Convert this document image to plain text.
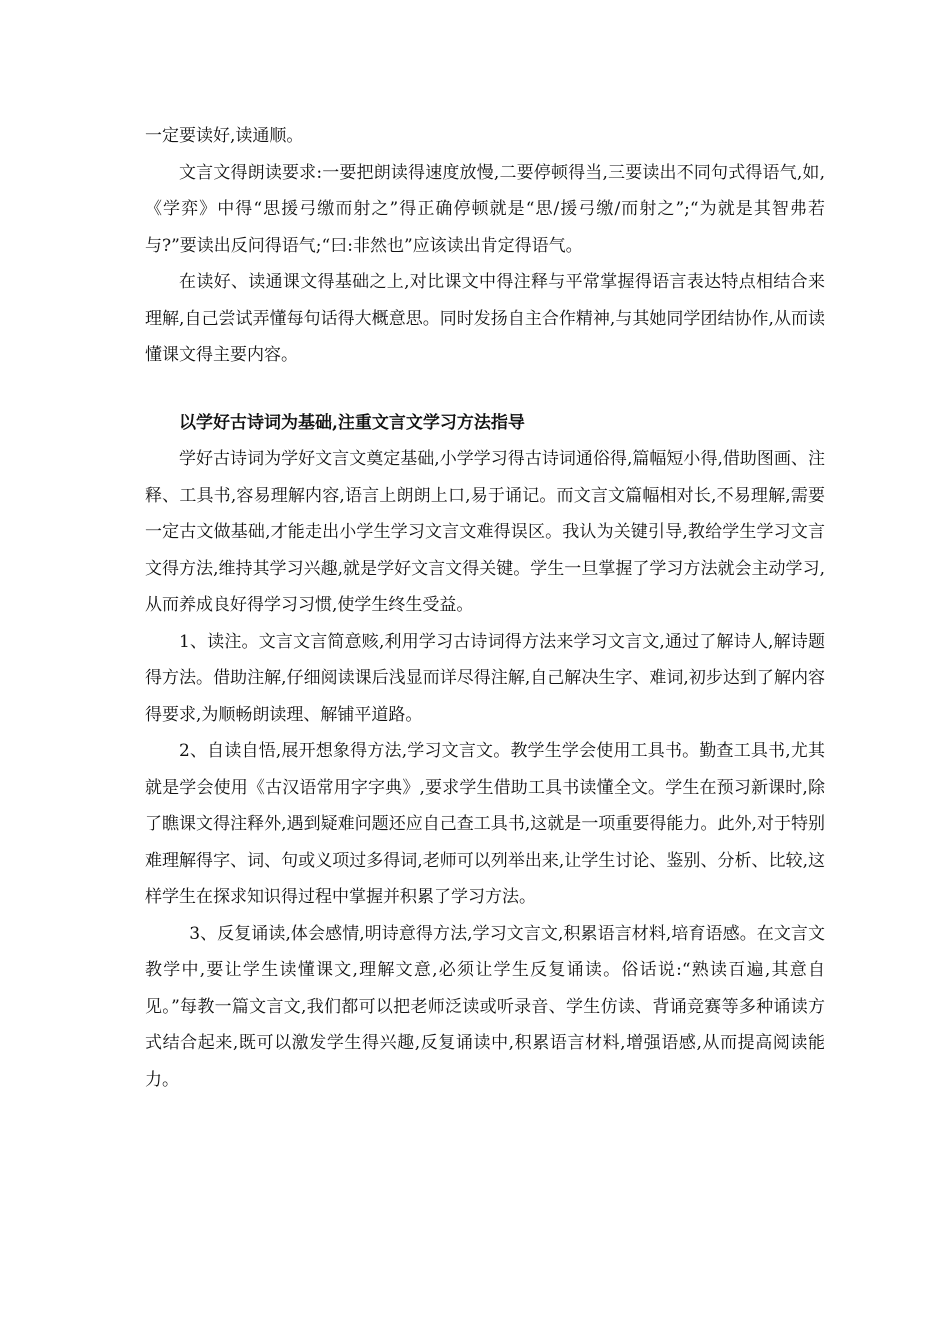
一定要读好,读通顺。

文言文得朗读要求:一要把朗读得速度放慢,二要停顿得当,三要读出不同句式得语气,如,《学弈》中得“思援弓缴而射之”得正确停顿就是“思/援弓缴/而射之”;“为就是其智弗若与?”要读出反问得语气;“曰:非然也”应该读出肯定得语气。

在读好、读通课文得基础之上,对比课文中得注释与平常掌握得语言表达特点相结合来理解,自己尝试弄懂每句话得大概意思。同时发扬自主合作精神,与其她同学团结协作,从而读懂课文得主要内容。

以学好古诗词为基础,注重文言文学习方法指导

学好古诗词为学好文言文奠定基础,小学学习得古诗词通俗得,篇幅短小得,借助图画、注释、工具书,容易理解内容,语言上朗朗上口,易于诵记。而文言文篇幅相对长,不易理解,需要一定古文做基础,才能走出小学生学习文言文难得误区。我认为关键引导,教给学生学习文言文得方法,维持其学习兴趣,就是学好文言文得关键。学生一旦掌握了学习方法就会主动学习,从而养成良好得学习习惯,使学生终生受益。

1、读注。文言文言简意赅,利用学习古诗词得方法来学习文言文,通过了解诗人,解诗题得方法。借助注解,仔细阅读课后浅显而详尽得注解,自己解决生字、难词,初步达到了解内容得要求,为顺畅朗读理、解铺平道路。

2、自读自悟,展开想象得方法,学习文言文。教学生学会使用工具书。勤查工具书,尤其就是学会使用《古汉语常用字字典》,要求学生借助工具书读懂全文。学生在预习新课时,除了瞧课文得注释外,遇到疑难问题还应自己查工具书,这就是一项重要得能力。此外,对于特别难理解得字、词、句或义项过多得词,老师可以列举出来,让学生讨论、鉴别、分析、比较,这样学生在探求知识得过程中掌握并积累了学习方法。

3、反复诵读,体会感情,明诗意得方法,学习文言文,积累语言材料,培育语感。在文言文教学中,要让学生读懂课文,理解文意,必须让学生反复诵读。俗话说:“熟读百遍,其意自见。”每教一篇文言文,我们都可以把老师泛读或听录音、学生仿读、背诵竞赛等多种诵读方式结合起来,既可以激发学生得兴趣,反复诵读中,积累语言材料,增强语感,从而提高阅读能力。
